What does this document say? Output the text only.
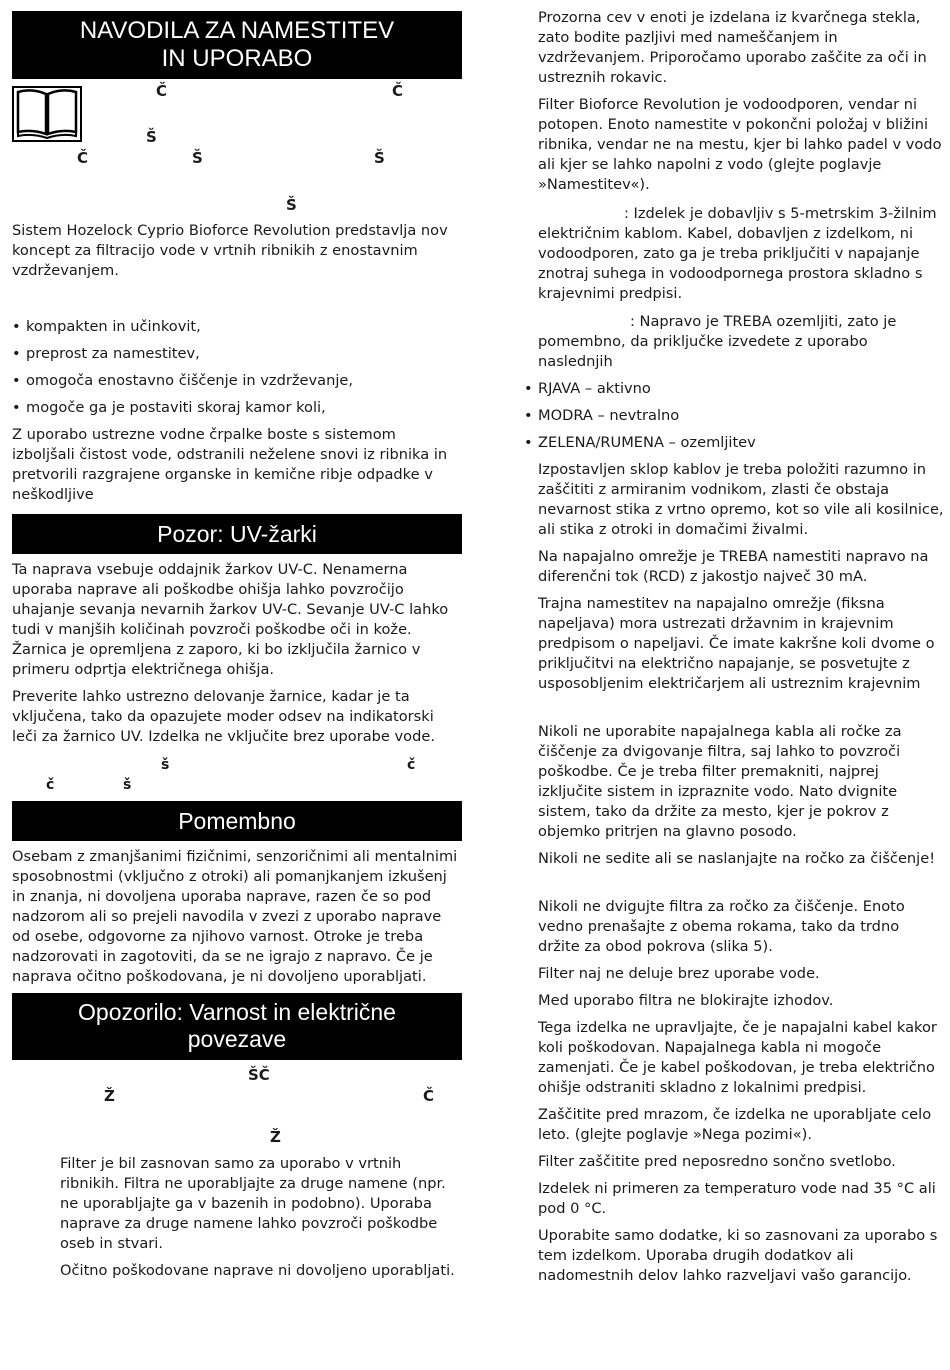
NAVODILA ZA NAMESTITEV
IN UPORABO
Č	Č
Š
Č	Š	Š
Š

Sistem Hozelock Cyprio Bioforce Revolution predstavlja nov koncept za filtracijo vode v vrtnih ribnikih z enostavnim vzdrževanjem.

• kompakten in učinkovit,
• preprost za namestitev,
• omogoča enostavno čiščenje in vzdrževanje,
• mogoče ga je postaviti skoraj kamor koli,

Z uporabo ustrezne vodne črpalke boste s sistemom izboljšali čistost vode, odstranili neželene snovi iz ribnika in pretvorili razgrajene organske in kemične ribje odpadke v neškodljive

Pozor: UV-žarki

Ta naprava vsebuje oddajnik žarkov UV-C. Nenamerna uporaba naprave ali poškodbe ohišja lahko povzročijo uhajanje sevanja nevarnih žarkov UV-C. Sevanje UV-C lahko tudi v manjših količinah povzroči poškodbe oči in kože. Žarnica je opremljena z zaporo, ki bo izključila žarnico v primeru odprtja električnega ohišja.

Preverite lahko ustrezno delovanje žarnice, kadar je ta vključena, tako da opazujete moder odsev na indikatorski leči za žarnico UV. Izdelka ne vključite brez uporabe vode.

š	č
č	š
Pomembno

Osebam z zmanjšanimi fizičnimi, senzoričnimi ali mentalnimi sposobnostmi (vključno z otroki) ali pomanjkanjem izkušenj in znanja, ni dovoljena uporaba naprave, razen če so pod nadzorom ali so prejeli navodila v zvezi z uporabo naprave od osebe, odgovorne za njihovo varnost. Otroke je treba nadzorovati in zagotoviti, da se ne igrajo z napravo. Če je naprava očitno poškodovana, je ni dovoljeno uporabljati.

Opozorilo: Varnost in električne
povezave
ŠČ
Ž	Č
Ž

Filter je bil zasnovan samo za uporabo v vrtnih ribnikih. Filtra ne uporabljajte za druge namene (npr. ne uporabljajte ga v bazenih in podobno). Uporaba naprave za druge namene lahko povzroči poškodbe oseb in stvari.

Očitno poškodovane naprave ni dovoljeno uporabljati.

Prozorna cev v enoti je izdelana iz kvarčnega stekla, zato bodite pazljivi med nameščanjem in vzdrževanjem. Priporočamo uporabo zaščite za oči in ustreznih rokavic.

Filter Bioforce Revolution je vodoodporen, vendar ni potopen. Enoto namestite v pokončni položaj v bližini ribnika, vendar ne na mestu, kjer bi lahko padel v vodo ali kjer se lahko napolni z vodo (glejte poglavje »Namestitev«).

: Izdelek je dobavljiv s 5-metrskim 3-žilnim električnim kablom. Kabel, dobavljen z izdelkom, ni vodoodporen, zato ga je treba priključiti v napajanje znotraj suhega in vodoodpornega prostora skladno s krajevnimi predpisi.

: Napravo je TREBA ozemljiti, zato je pomembno, da priključke izvedete z uporabo naslednjih

• RJAVA – aktivno
• MODRA – nevtralno
• ZELENA/RUMENA – ozemljitev

Izpostavljen sklop kablov je treba položiti razumno in zaščititi z armiranim vodnikom, zlasti če obstaja nevarnost stika z vrtno opremo, kot so vile ali kosilnice, ali stika z otroki in domačimi živalmi.

Na napajalno omrežje je TREBA namestiti napravo na diferenčni tok (RCD) z jakostjo največ 30 mA.

Trajna namestitev na napajalno omrežje (fiksna napeljava) mora ustrezati državnim in krajevnim predpisom o napeljavi. Če imate kakršne koli dvome o priključitvi na električno napajanje, se posvetujte z usposobljenim električarjem ali ustreznim krajevnim

Nikoli ne uporabite napajalnega kabla ali ročke za čiščenje za dvigovanje filtra, saj lahko to povzroči poškodbe. Če je treba filter premakniti, najprej izključite sistem in izpraznite vodo. Nato dvignite sistem, tako da držite za mesto, kjer je pokrov z objemko pritrjen na glavno posodo.

Nikoli ne sedite ali se naslanjajte na ročko za čiščenje!

Nikoli ne dvigujte filtra za ročko za čiščenje. Enoto vedno prenašajte z obema rokama, tako da trdno držite za obod pokrova (slika 5).

Filter naj ne deluje brez uporabe vode.

Med uporabo filtra ne blokirajte izhodov.

Tega izdelka ne upravljajte, če je napajalni kabel kakor koli poškodovan. Napajalnega kabla ni mogoče zamenjati. Če je kabel poškodovan, je treba električno ohišje odstraniti skladno z lokalnimi predpisi.

Zaščitite pred mrazom, če izdelka ne uporabljate celo leto. (glejte poglavje »Nega pozimi«).

Filter zaščitite pred neposredno sončno svetlobo.

Izdelek ni primeren za temperaturo vode nad 35 °C ali pod 0 °C.

Uporabite samo dodatke, ki so zasnovani za uporabo s tem izdelkom. Uporaba drugih dodatkov ali nadomestnih delov lahko razveljavi vašo garancijo.
